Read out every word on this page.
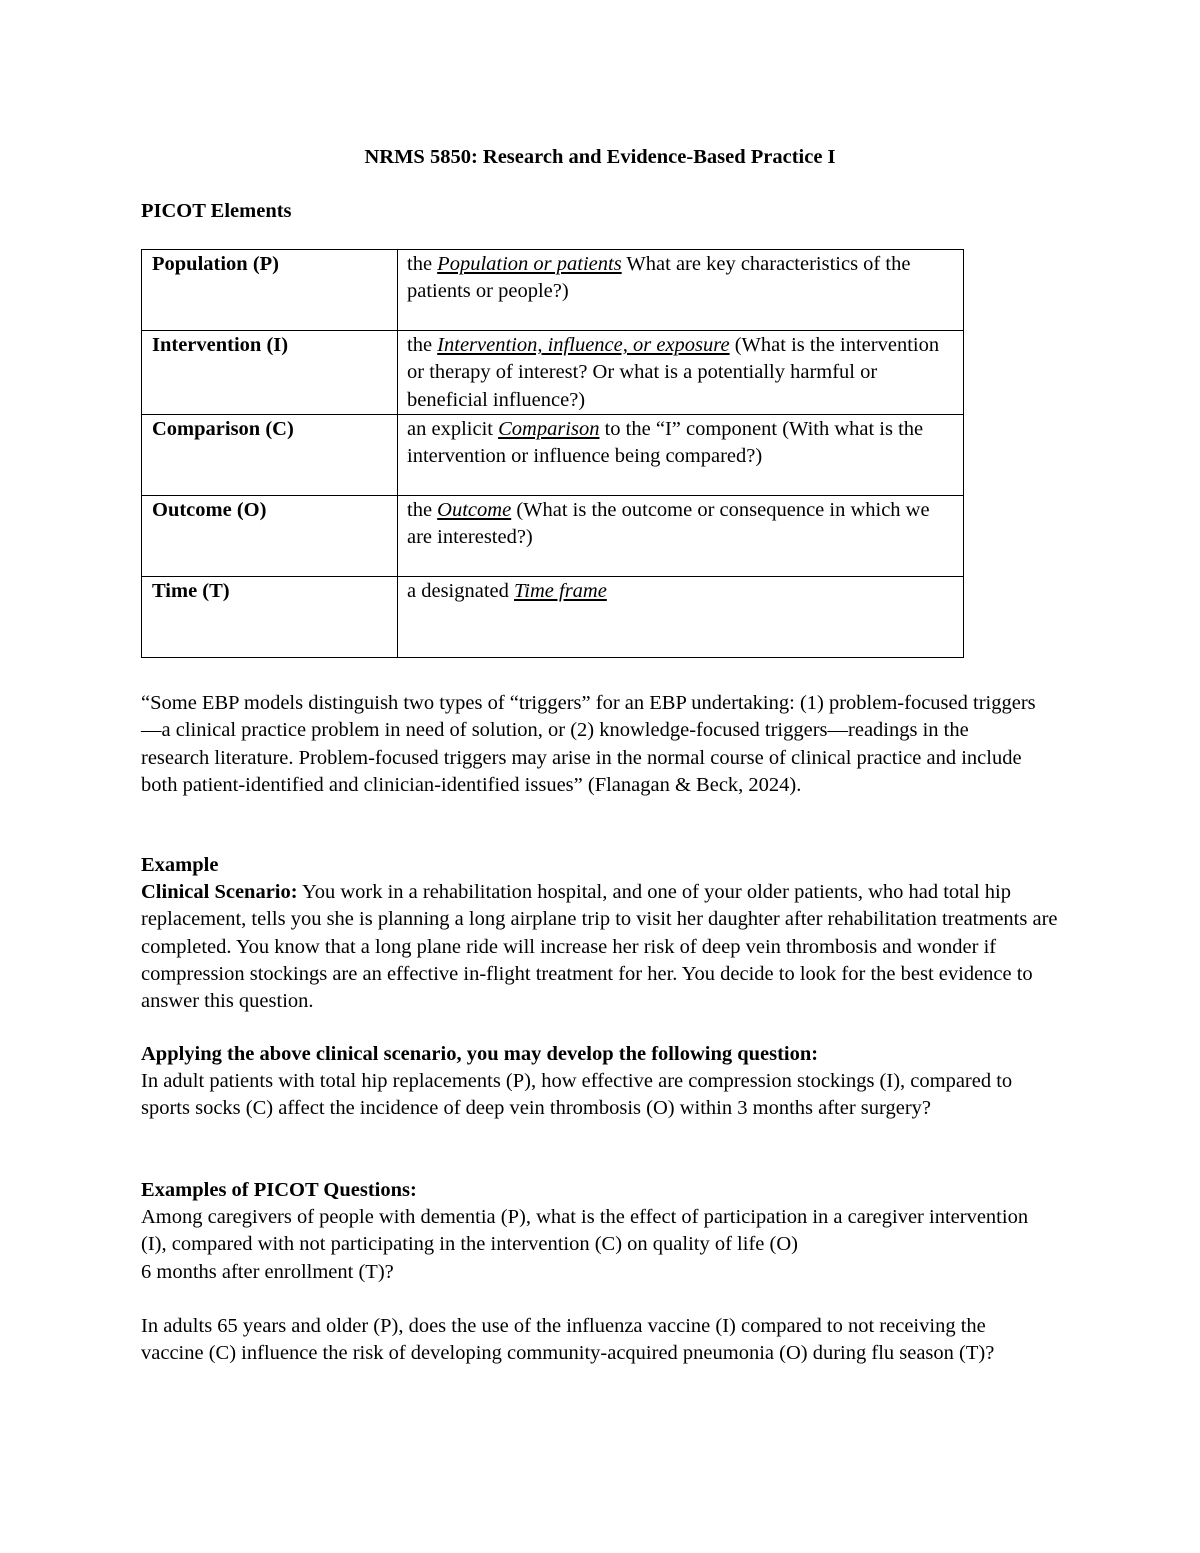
NRMS 5850: Research and Evidence-Based Practice I
PICOT Elements
Population (P)	the Population or patients What are key characteristics of the patients or people?)
Intervention (I)	the Intervention, influence, or exposure (What is the intervention or therapy of interest? Or what is a potentially harmful or beneficial influence?)
Comparison (C)	an explicit Comparison to the “I” component (With what is the intervention or influence being compared?)
Outcome (O)	the Outcome (What is the outcome or consequence in which we are interested?)
Time (T)	a designated Time frame
“Some EBP models distinguish two types of “triggers” for an EBP undertaking: (1) problem-focused triggers—a clinical practice problem in need of solution, or (2) knowledge-focused triggers—readings in the research literature. Problem-focused triggers may arise in the normal course of clinical practice and include both patient-identified and clinician-identified issues” (Flanagan & Beck, 2024).
Example
Clinical Scenario: You work in a rehabilitation hospital, and one of your older patients, who had total hip replacement, tells you she is planning a long airplane trip to visit her daughter after rehabilitation treatments are completed. You know that a long plane ride will increase her risk of deep vein thrombosis and wonder if compression stockings are an effective in-flight treatment for her. You decide to look for the best evidence to answer this question.
Applying the above clinical scenario, you may develop the following question:
In adult patients with total hip replacements (P), how effective are compression stockings (I), compared to sports socks (C) affect the incidence of deep vein thrombosis (O) within 3 months after surgery?
Examples of PICOT Questions:
Among caregivers of people with dementia (P), what is the effect of participation in a caregiver intervention (I), compared with not participating in the intervention (C) on quality of life (O)
6 months after enrollment (T)?
In adults 65 years and older (P), does the use of the influenza vaccine (I) compared to not receiving the vaccine (C) influence the risk of developing community-acquired pneumonia (O) during flu season (T)?
